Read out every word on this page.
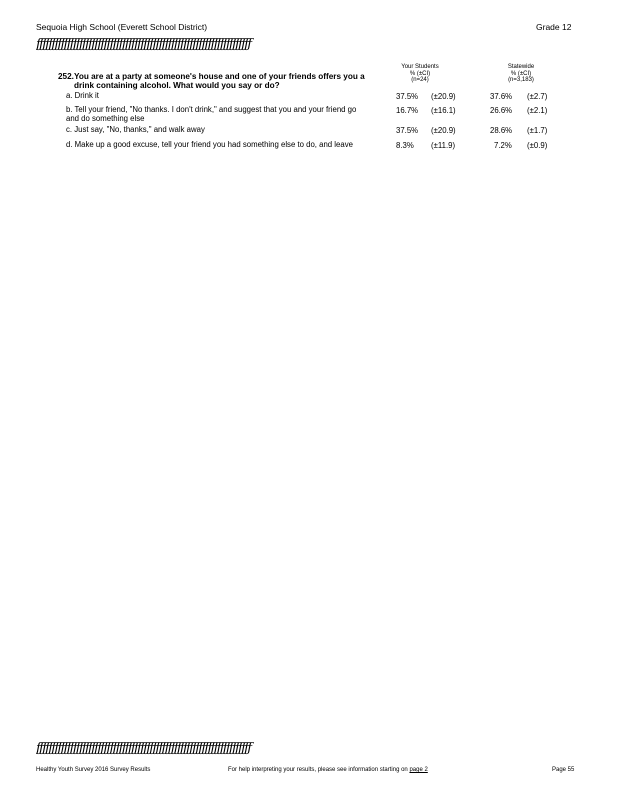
Sequoia High School (Everett School District)	Grade 12
ƒƒƒƒƒƒƒƒƒƒƒƒƒƒƒƒƒƒƒƒƒƒƒƒƒƒƒƒƒƒƒƒƒƒƒƒƒƒƒƒƒƒƒƒƒƒƒƒƒƒƒƒƒƒƒƒƒƒƒƒƒƒƒƒƒƒƒƒƒƒ
252. You are at a party at someone's house and one of your friends offers you a drink containing alcohol. What would you say or do?
Your Students
% (±CI)
(n=24)
Statewide
% (±CI)
(n=3,183)
a. Drink it	37.5% (±20.9)	37.6% (±2.7)
b. Tell your friend, "No thanks. I don't drink," and suggest that you and your friend go and do something else
16.7% (±16.1)	26.6% (±2.1)
c. Just say, "No, thanks," and walk away	37.5% (±20.9)	28.6% (±1.7)
d. Make up a good excuse, tell your friend you had something else to do, and leave	8.3% (±11.9)	7.2% (±0.9)
ƒƒƒƒƒƒƒƒƒƒƒƒƒƒƒƒƒƒƒƒƒƒƒƒƒƒƒƒƒƒƒƒƒƒƒƒƒƒƒƒƒƒƒƒƒƒƒƒƒƒƒƒƒƒƒƒƒƒƒƒƒƒƒƒƒƒƒƒƒƒ
Healthy Youth Survey 2016 Survey Results	For help interpreting your results, please see information starting on page 2	Page 55
